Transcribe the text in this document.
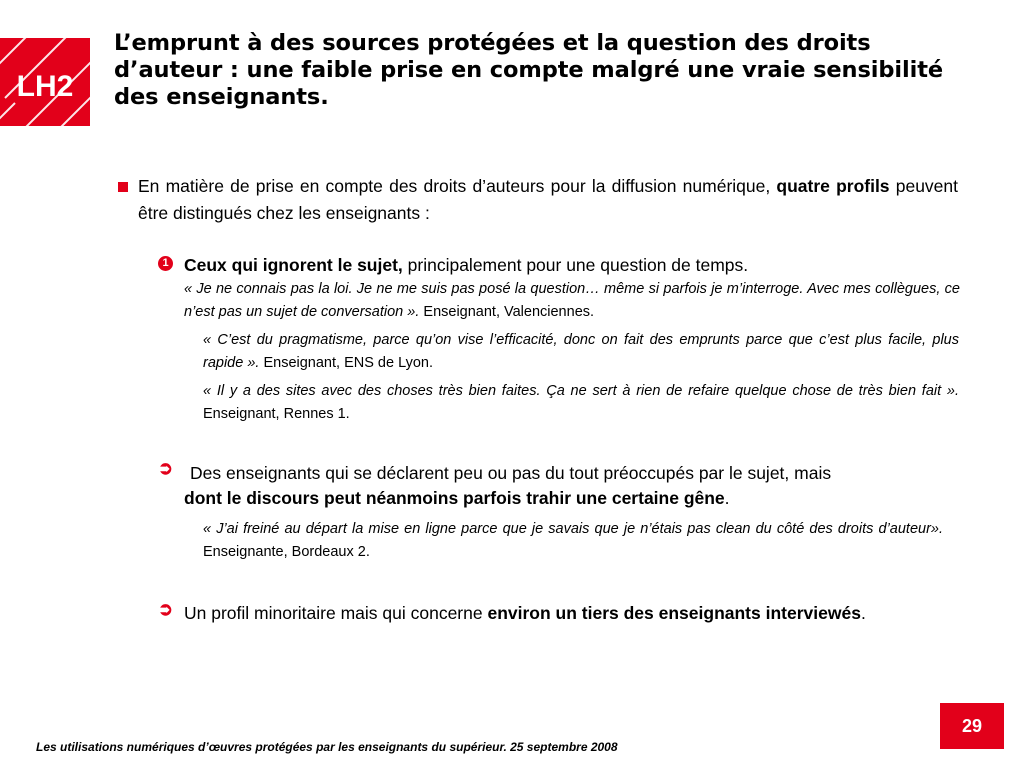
LH2
L’emprunt à des sources protégées et la question des droits d’auteur : une faible prise en compte malgré une vraie sensibilité des enseignants.
En matière de prise en compte des droits d’auteurs pour la diffusion numérique, quatre profils peuvent être distingués chez les enseignants :
1 Ceux qui ignorent le sujet, principalement pour une question de temps.
« Je ne connais pas la loi. Je ne me suis pas posé la question… même si parfois je m’interroge. Avec mes collègues, ce n’est pas un sujet de conversation ». Enseignant, Valenciennes.
« C’est du pragmatisme, parce qu’on vise l’efficacité, donc on fait des emprunts parce que c’est plus facile, plus rapide ». Enseignant, ENS de Lyon.
« Il y a des sites avec des choses très bien faites. Ça ne sert à rien de refaire quelque chose de très bien fait ». Enseignant, Rennes 1.
➲ Des enseignants qui se déclarent peu ou pas du tout préoccupés par le sujet, mais
dont le discours peut néanmoins parfois trahir une certaine gêne.
« J’ai freiné au départ la mise en ligne parce que je savais que je n’étais pas clean du côté des droits d’auteur». Enseignante, Bordeaux 2.
➲ Un profil minoritaire mais qui concerne environ un tiers des enseignants interviewés.
29
Les utilisations numériques d’œuvres protégées par les enseignants du supérieur. 25 septembre 2008
